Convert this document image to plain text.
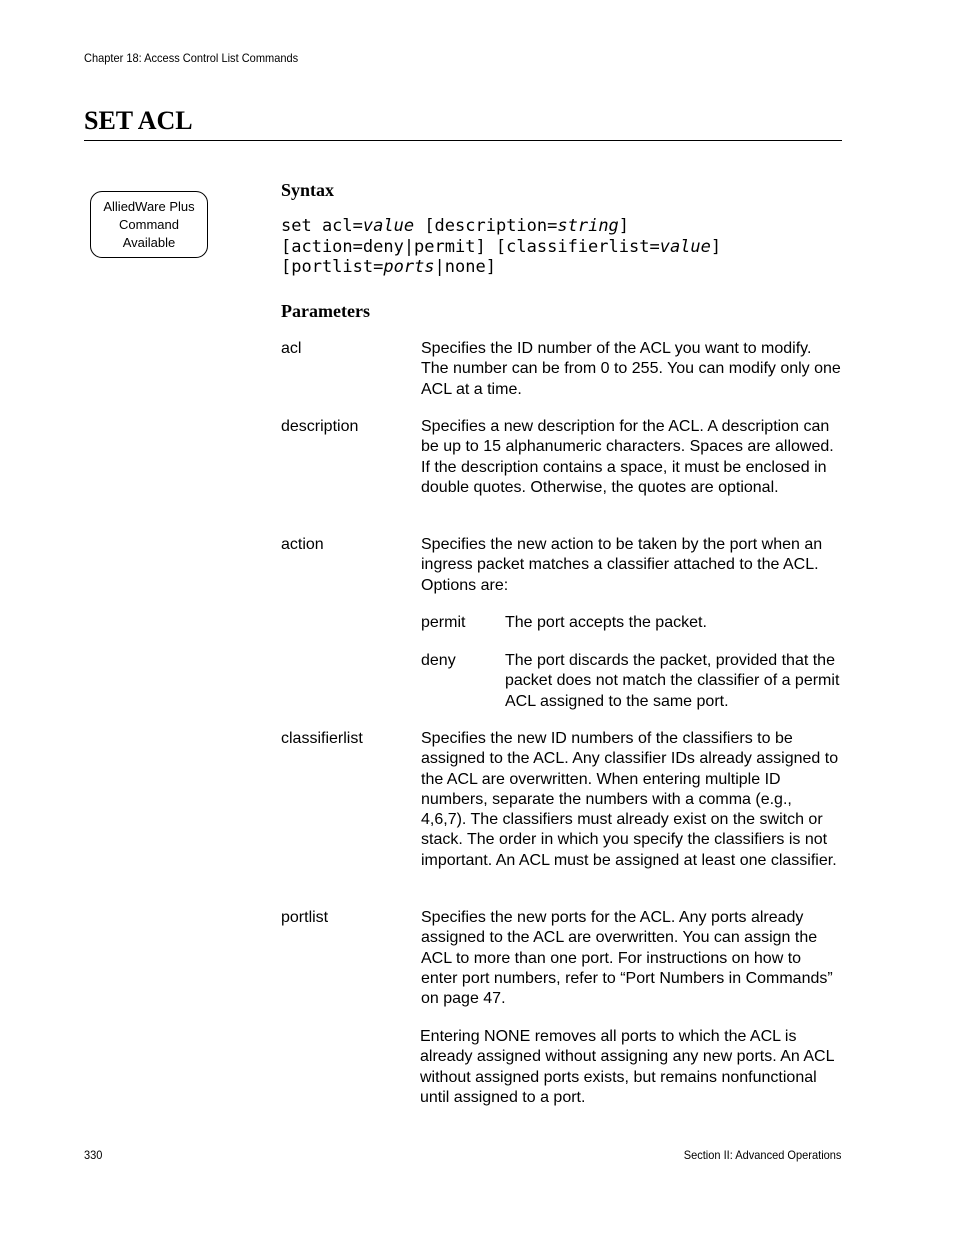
Chapter 18: Access Control List Commands
SET ACL
AlliedWare Plus
Command
Available
Syntax
set acl=value [description=string]
[action=deny|permit] [classifierlist=value]
[portlist=ports|none]
Parameters
acl	Specifies the ID number of the ACL you want to modify. The number can be from 0 to 255. You can modify only one ACL at a time.
description	Specifies a new description for the ACL. A description can be up to 15 alphanumeric characters. Spaces are allowed. If the description contains a space, it must be enclosed in double quotes. Otherwise, the quotes are optional.
action	Specifies the new action to be taken by the port when an ingress packet matches a classifier attached to the ACL. Options are:
permit The port accepts the packet.
deny	The port discards the packet, provided that the packet does not match the classifier of a permit ACL assigned to the same port.
classifierlist	Specifies the new ID numbers of the classifiers to be assigned to the ACL. Any classifier IDs already assigned to the ACL are overwritten. When entering multiple ID numbers, separate the numbers with a comma (e.g., 4,6,7). The classifiers must already exist on the switch or stack. The order in which you specify the classifiers is not important. An ACL must be assigned at least one classifier.
portlist	Specifies the new ports for the ACL. Any ports already assigned to the ACL are overwritten. You can assign the ACL to more than one port. For instructions on how to enter port numbers, refer to “Port Numbers in Commands” on page 47.
Entering NONE removes all ports to which the ACL is already assigned without assigning any new ports. An ACL without assigned ports exists, but remains nonfunctional until assigned to a port.
330	Section II: Advanced Operations
